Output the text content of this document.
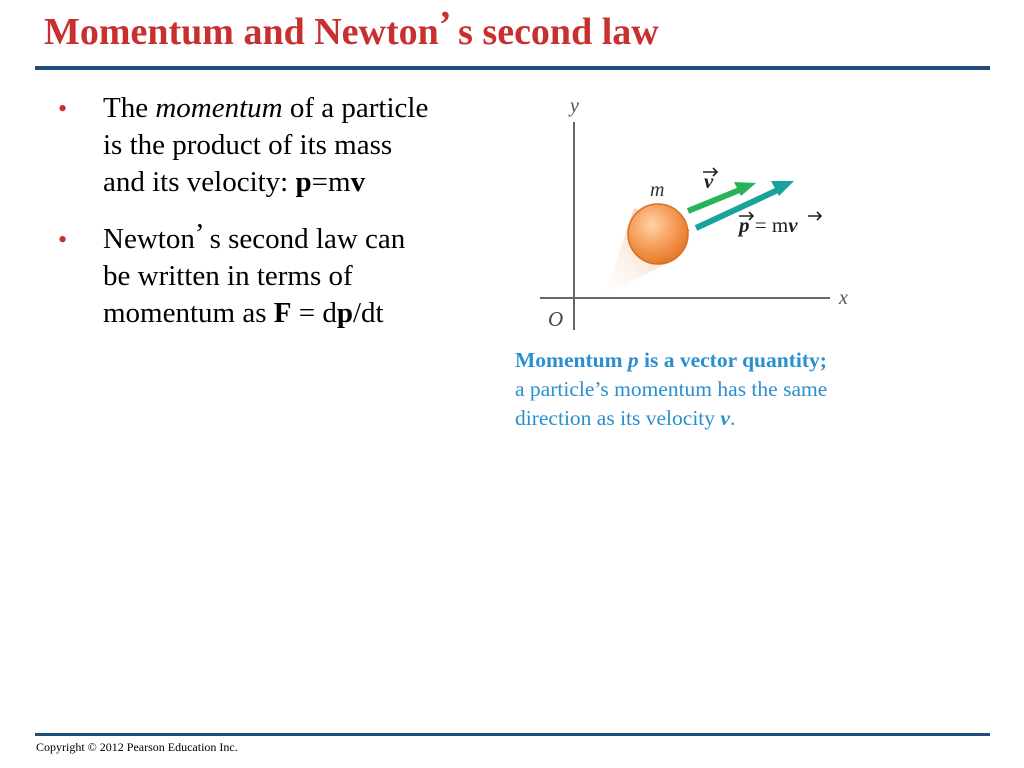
Momentum and Newton’ s second law
• The momentum of a particle is the product of its mass and its velocity: p=mv
• Newton’ s second law can be written in terms of momentum as F = dp/dt
y
x
O
m v
p = mv
Momentum p is a vector quantity;
a particle’s momentum has the same
direction as its velocity v.
Copyright © 2012 Pearson Education Inc.
